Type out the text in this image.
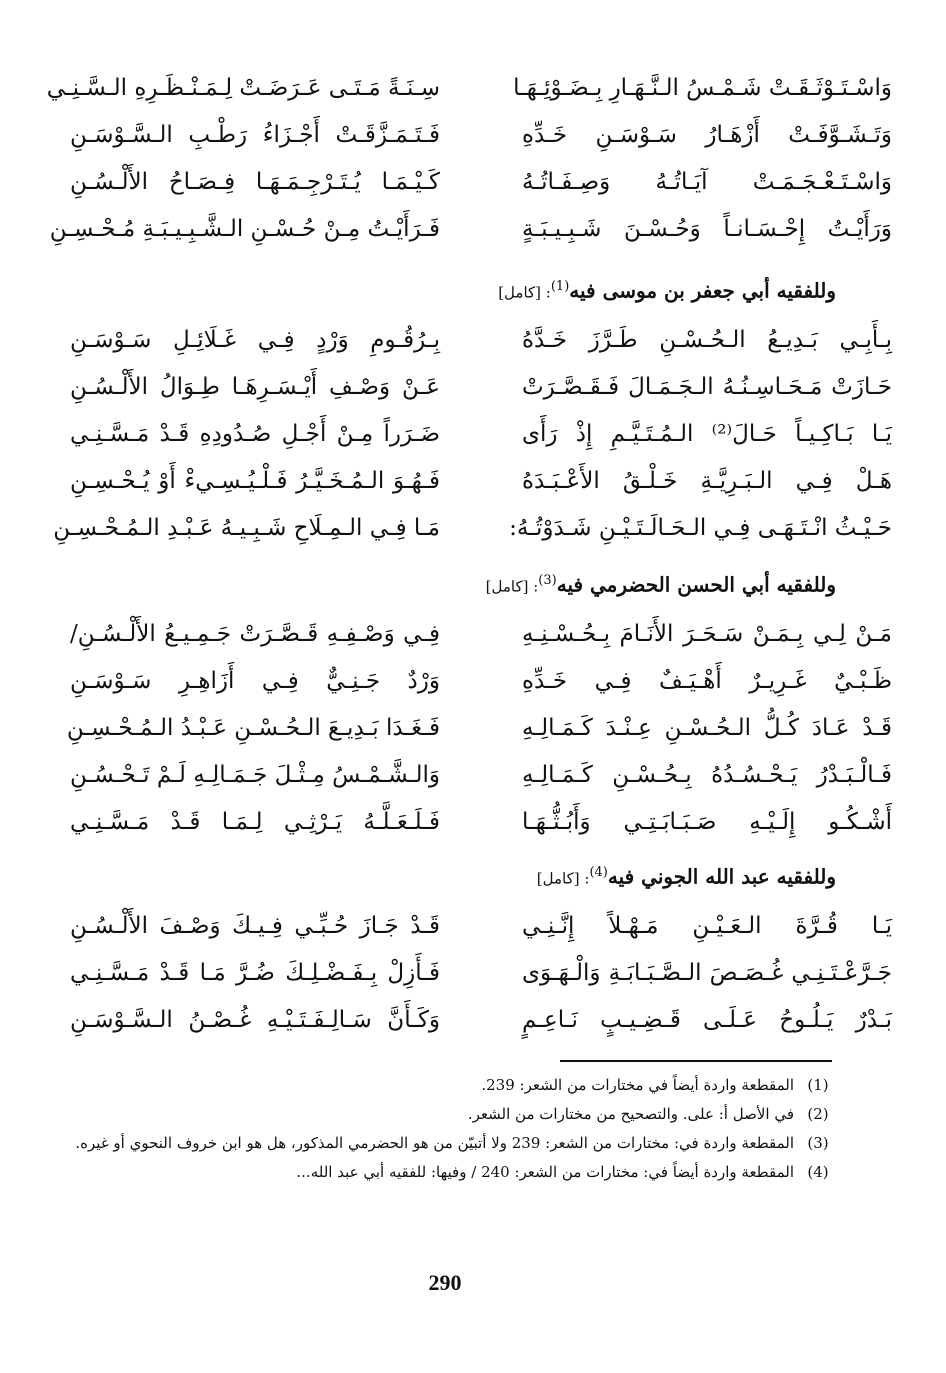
وَاسْـتَـوْثَـقَـتْ شَـمْـسُ الـنَّـهَـارِ بِـضَـوْئِـهَـا
سِـنَـةً مَـتَـى عَـرَضَـتْ لِـمَـنْـظَـرِهِ الـسَّـنِـي
وَتَـشَـوَّفَـتْ أَزْهَـارُ سَـوْسَـنِ خَـدِّهِ
فَـتَـمَـزَّقَـتْ أَجْـزَاءُ رَطْـبِ الـسَّـوْسَـنِ
وَاسْـتَـعْـجَـمَـتْ آيَـاتُـهُ وَصِـفَـاتُـهُ
كَـيْـمَـا يُـتَـرْجِـمَـهَـا فِـصَـاحُ الأَلْـسُـنِ
وَرَأَيْـتُ إِحْـسَـانـاً وَحُـسْـنَ شَـبِـيـبَـةٍ
فَـرَأَيْـتُ مِـنْ حُـسْـنِ الـشَّـبِـيـبَـةِ مُـحْـسِـنِ
وللفقيه أبي جعفر بن موسى فيه$^{(1)}$: [كامل]
بِـأَبِـي بَـدِيـعُ الـحُـسْـنِ طَـرَّزَ خَـدَّهُ
بِـرُقُـومِ وَرْدٍ فِـي غَـلَائِـلِ سَـوْسَـنِ
حَـازَتْ مَـحَـاسِـنُـهُ الـجَـمَـالَ فَـقَـصَّـرَتْ
عَـنْ وَصْـفِ أَيْـسَـرِهَـا طِـوَالُ الأَلْـسُـنِ
يَـا بَـاكِـيـاً حَـالَ⁽²⁾ الـمُـتَـيَّـمِ إِذْ رَأَى
ضَـرَراً مِـنْ أَجْـلِ صُـدُودِهِ قَـدْ مَـسَّـنِـي
هَـلْ فِـي الـبَـرِيَّـةِ خَـلْـقُ الأَعْـبَـدَهُ
فَـهُـوَ الـمُـخَـيَّـرُ فَـلْـيُـسِـيءْ أَوْ يُـحْـسِـنِ
حَـيْـثُ انْـتَـهَـى فِـي الـحَـالَـتَـيْـنِ شَـدَوْتُـهُ:
مَـا فِـي الـمِـلَاحِ شَـبِـيـهُ عَـبْـدِ الـمُـحْـسِـنِ
وللفقيه أبي الحسن الحضرمي فيه$^{(3)}$: [كامل]
مَـنْ لِـي بِـمَـنْ سَـحَـرَ الأَنَـامَ بِـحُـسْـنِـهِ
فِـي وَصْـفِـهِ قَـصَّـرَتْ جَـمِـيـعُ الأَلْـسُـنِ/
ظَـبْـيٌ غَـرِيـرٌ أَهْـيَـفٌ فِـي خَـدِّهِ
وَرْدٌ جَـنِـيٌّ فِـي أَزَاهِـرِ سَـوْسَـنِ
قَـدْ عَـادَ كُـلُّ الـحُـسْـنِ عِـنْـدَ كَـمَـالِـهِ
فَـغَـدَا بَـدِيـعَ الـحُـسْـنِ عَـبْـدُ الـمُـحْـسِـنِ
فَـالْـبَـدْرُ يَـحْـسُـدُهُ بِـحُـسْـنِ كَـمَـالِـهِ
وَالـشَّـمْـسُ مِـثْـلَ جَـمَـالِـهِ لَـمْ تَـحْـسُـنِ
أَشْـكُـو إِلَـيْـهِ صَـبَـابَـتِـي وَأَبُـثُّـهَـا
فَـلَـعَـلَّـهُ يَـرْثِـي لِـمَـا قَـدْ مَـسَّـنِـي
وللفقيه عبد الله الجوني فيه$^{(4)}$: [كامل]
يَـا قُـرَّةَ الـعَـيْـنِ مَـهْـلاً إِنَّـنِـي
قَـدْ جَـازَ حُـبِّـي فِـيـكَ وَصْـفَ الأَلْـسُـنِ
جَـرَّعْـتَـنِـي غُـصَـصَ الـصَّـبَـابَـةِ وَالْـهَـوَى
فَـأَزِلْ بِـفَـضْـلِـكَ ضُـرَّ مَـا قَـدْ مَـسَّـنِـي
بَـدْرٌ يَـلُـوحُ عَـلَـى قَـضِـيـبٍ نَـاعِـمٍ
وَكَـأَنَّ سَـالِـفَـتَـيْـهِ غُـصْـنُ الـسَّـوْسَـنِ
(1)
المقطعة واردة أيضاً في مختارات من الشعر: 239.
(2)
في الأصل أ: على. والتصحيح من مختارات من الشعر.
(3)
المقطعة واردة في: مختارات من الشعر: 239 ولا أتبيّن من هو الحضرمي المذكور، هل هو ابن خروف النحوي أو غيره.
(4)
المقطعة واردة أيضاً في: مختارات من الشعر: 240 / وفيها: للفقيه أبي عبد الله...
290
